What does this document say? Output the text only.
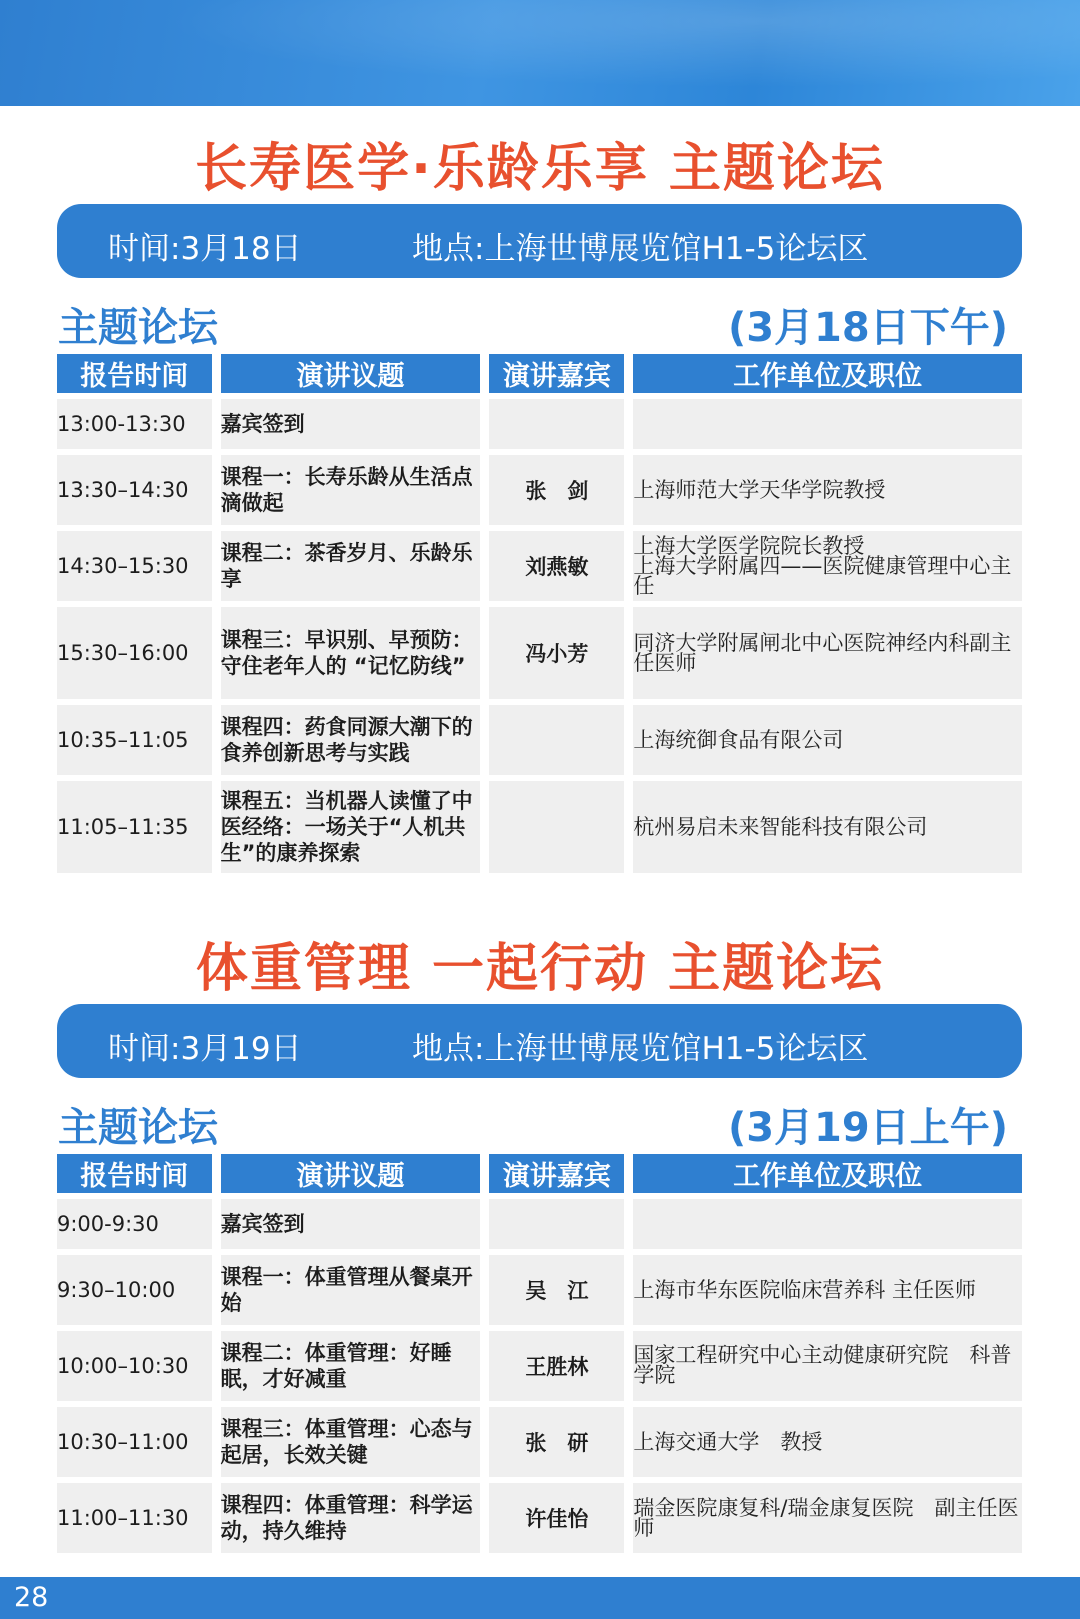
长寿医学·乐龄乐享 主题论坛
时间:3月18日	地点:上海世博展览馆H1-5论坛区
主题论坛	(3月18日下午)
报告时间	演讲议题	演讲嘉宾	工作单位及职位
13:00-13:30	嘉宾签到		

13:30–14:30	课程一：长寿乐龄从生活点滴做起	张　剑	上海师范大学天华学院教授

14:30–15:30	课程二：茶香岁月、乐龄乐享	刘燕敏	上海大学医学院院长教授
上海大学附属四——医院健康管理中心主任

15:30–16:00	课程三：早识别、早预防：守住老年人的 “记忆防线”	冯小芳	同济大学附属闸北中心医院神经内科副主任医师

10:35–11:05	课程四：药食同源大潮下的食养创新思考与实践		上海统御食品有限公司

11:05–11:35	课程五：当机器人读懂了中医经络：一场关于“人机共生”的康养探索		杭州易启未来智能科技有限公司
体重管理 一起行动 主题论坛
时间:3月19日	地点:上海世博展览馆H1-5论坛区
主题论坛	(3月19日上午)
报告时间	演讲议题	演讲嘉宾	工作单位及职位
9:00-9:30	嘉宾签到		

9:30–10:00	课程一：体重管理从餐桌开始	吴　江	上海市华东医院临床营养科 主任医师

10:00–10:30	课程二：体重管理：好睡眠，才好减重	王胜林	国家工程研究中心主动健康研究院　科普学院

10:30–11:00	课程三：体重管理：心态与起居，长效关键	张　研	上海交通大学　教授

11:00–11:30	课程四：体重管理：科学运动，持久维持	许佳怡	瑞金医院康复科/瑞金康复医院　副主任医师
28
